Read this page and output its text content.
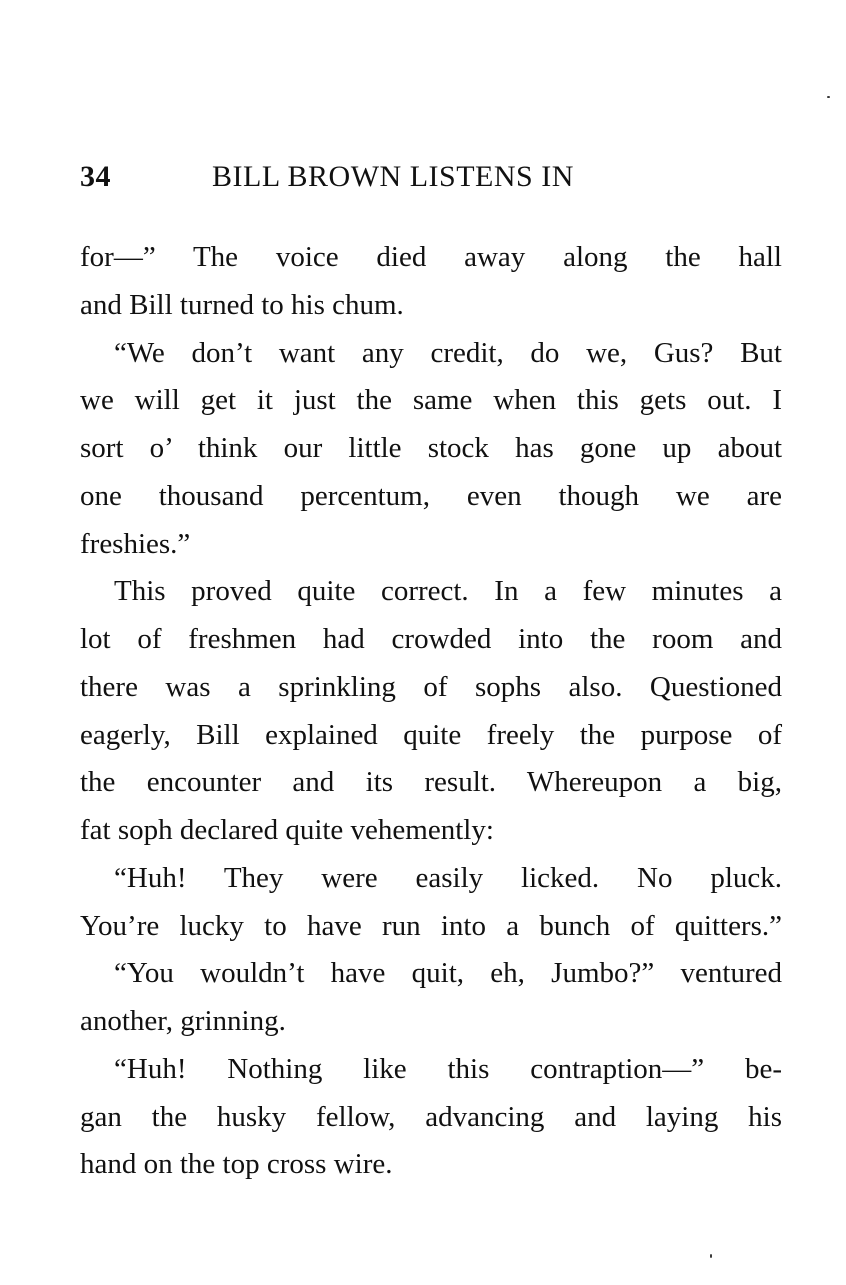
34	BILL BROWN LISTENS IN
for—” The voice died away along the hall
and Bill turned to his chum.
“We don’t want any credit, do we, Gus? But
we will get it just the same when this gets out. I
sort o’ think our little stock has gone up about
one thousand percentum, even though we are
freshies.”
This proved quite correct. In a few minutes a
lot of freshmen had crowded into the room and
there was a sprinkling of sophs also. Questioned
eagerly, Bill explained quite freely the purpose of
the encounter and its result. Whereupon a big,
fat soph declared quite vehemently:
“Huh! They were easily licked. No pluck.
You’re lucky to have run into a bunch of quitters.”
“You wouldn’t have quit, eh, Jumbo?” ventured
another, grinning.
“Huh! Nothing like this contraption—” be-
gan the husky fellow, advancing and laying his
hand on the top cross wire.
